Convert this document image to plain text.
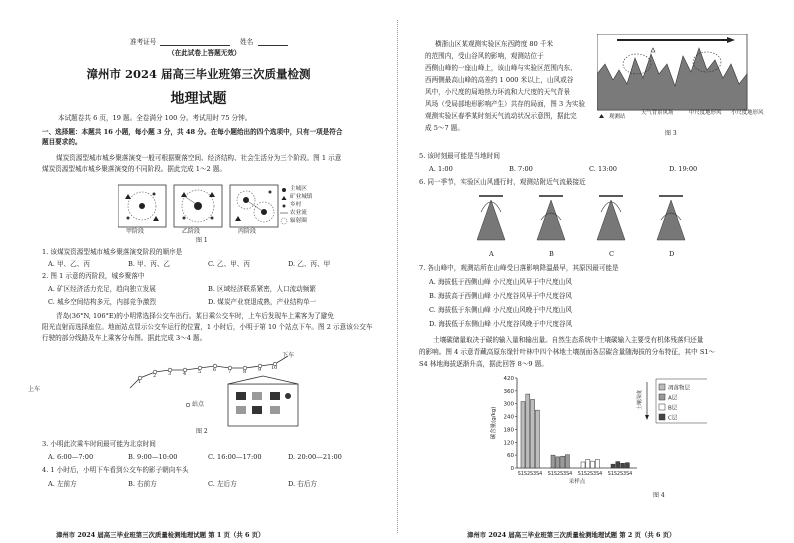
准考证号	姓名
（在此试卷上答题无效）
漳州市 2024 届高三毕业班第三次质量检测
地理试题
本试题卷共 6 页，19 题。全卷满分 100 分。考试用时 75 分钟。
一、选择题：本题共 16 小题，每小题 3 分，共 48 分。在每小题给出的四个选项中，只有一项是符合
题目要求的。
煤炭资源型城市城乡聚落演变一般可根据聚落空间、经济结构、社会生活分为三个阶段。图 1 示意
煤炭资源型城市城乡聚落演变的不同阶段。据此完成 1～2 题。
主城区
矿业城镇
乡村
农业流
辐射圈
甲阶段	乙阶段	丙阶段
图 1
1. 该煤炭资源型城市城乡聚落演变阶段的顺序是
A. 甲、乙、丙	B. 甲、丙、乙	C. 乙、甲、丙	D. 乙、丙、甲
2. 图 1 示意的丙阶段，城乡聚落中
A. 矿区经济活力充足，趋向独立发展	B. 区域经济联系紧密，人口流动频繁
C. 城乡空间结构多元，内部竞争激烈	D. 煤炭产业衰退成熟，产业结构单一
青岛(36°N, 106°E)的小明常选择公交车出行。某日乘公交车时，上车后发现车上乘客为了避免
阳光直射而选择座位。地面站点显示公交车运行的位置，1 小时后，小明于第 10 个站点下车。图 2 示意该公交车
行驶的部分线路及车上乘客分布图。据此完成 3～4 题。
上车
下车
站点
1
2 3 4 5 6 7 8 9 10
图 2
3. 小明此次乘车时间最可能为北京时间
A. 6:00—7:00	B. 9:00—10:00	C. 16:00—17:00	D. 20:00—21:00
4. 1 小时后，小明下车看到公交车的影子朝向车头
A. 左前方	B. 右前方	C. 左后方	D. 右后方
漳州市 2024 届高三毕业班第三次质量检测地理试题 第 1 页（共 6 页）
横浙山区某观测实验区东西跨度 80 千米
的范围内，受山谷风的影响，观测站位于
西侧山峰的一座山峰上，该山峰与实验区范围内东、
西两侧最高山峰的高差约 1 000 米以上，山风或谷
风中，小尺度的局地热力环流和大尺度的天气背景
风场（受局部地形影响产生）共存的局面，图 3 为实验
观测实验区春季某时刻天气流动状况示意图，据此完
成 5～7 题。
观测站
天气背景风场	中尺度地形风 小尺度地形风
图 3
5. 该时刻最可能是当地时间
A. 1:00	B. 7:00	C. 13:00	D. 19:00
6. 同一季节，实验区山风盛行时，观测站附近气流最接近
A	B	C	D
7. 各山峰中，观测站所在山峰受日落影响降温最早，其原因最可能是
A. 海拔低于西侧山峰 小尺度山风早于中尺度山风
B. 海拔高于西侧山峰 小尺度谷风早于中尺度谷风
C. 海拔低于东侧山峰 小尺度山风晚于中尺度山风
D. 海拔低于东侧山峰 小尺度谷风晚于中尺度谷风
土壤碳储量取决于碳的输入量和输出量。自然生态系统中土壤碳输入主要受有机体残落归还量
的影响。图 4 示意青藏高原东缘针叶林中四个林地土壤剖面各层碳含量随海拔的分布特征，其中 S1～
S4 林地海拔逐渐升高，据此回答 8～9 题。
0
60
120
180
240
300
360
420
碳含量(g/kg)
S1S2S3S4 S1S2S3S4 S1S2S3S4 S1S2S3S4
采样点
凋落物层
A层
B层
C层
土壤深度
图 4
漳州市 2024 届高三毕业班第三次质量检测地理试题 第 2 页（共 6 页）
